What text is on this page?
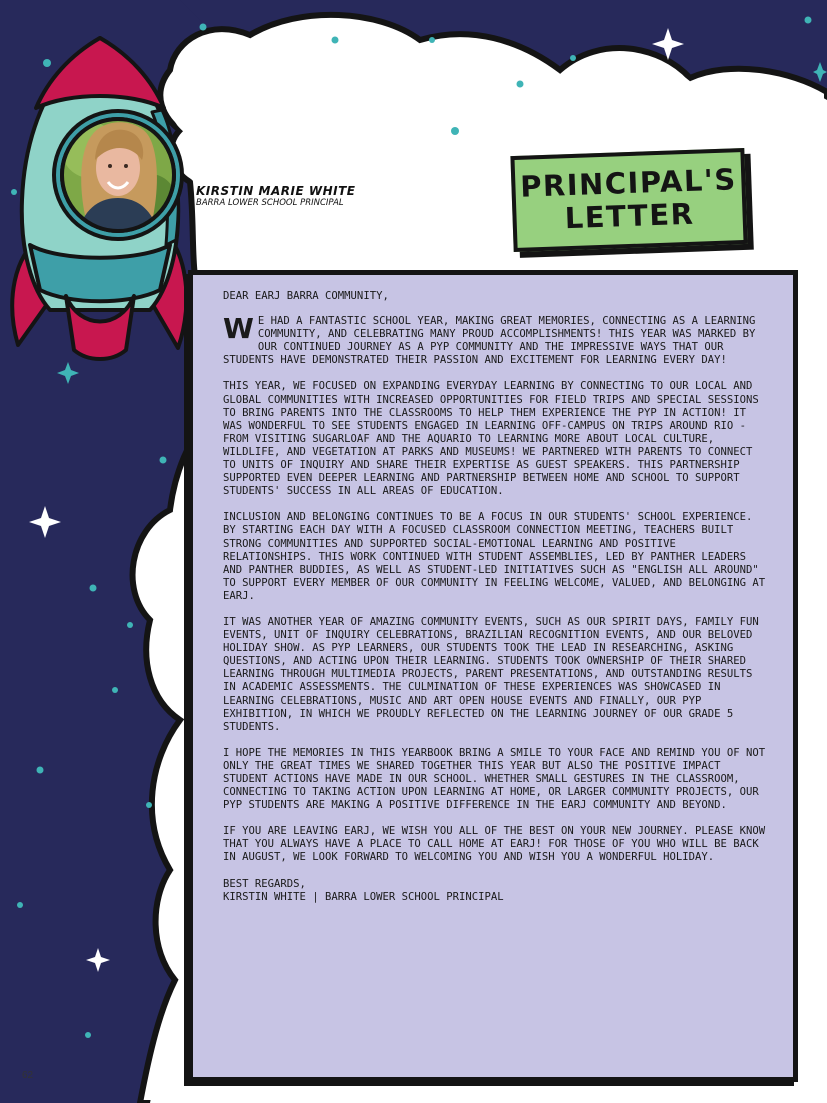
KIRSTIN MARIE WHITE
BARRA LOWER SCHOOL PRINCIPAL	PRINCIPAL'S
LETTER

DEAR EARJ BARRA COMMUNITY,

WE HAD A FANTASTIC SCHOOL YEAR, MAKING GREAT MEMORIES, CONNECTING AS A LEARNING COMMUNITY, AND CELEBRATING MANY PROUD ACCOMPLISHMENTS! THIS YEAR WAS MARKED BY OUR CONTINUED JOURNEY AS A PYP COMMUNITY AND THE IMPRESSIVE WAYS THAT OUR STUDENTS HAVE DEMONSTRATED THEIR PASSION AND EXCITEMENT FOR LEARNING EVERY DAY!

THIS YEAR, WE FOCUSED ON EXPANDING EVERYDAY LEARNING BY CONNECTING TO OUR LOCAL AND GLOBAL COMMUNITIES WITH INCREASED OPPORTUNITIES FOR FIELD TRIPS AND SPECIAL SESSIONS TO BRING PARENTS INTO THE CLASSROOMS TO HELP THEM EXPERIENCE THE PYP IN ACTION! IT WAS WONDERFUL TO SEE STUDENTS ENGAGED IN LEARNING OFF-CAMPUS ON TRIPS AROUND RIO - FROM VISITING SUGARLOAF AND THE AQUARIO TO LEARNING MORE ABOUT LOCAL CULTURE, WILDLIFE, AND VEGETATION AT PARKS AND MUSEUMS! WE PARTNERED WITH PARENTS TO CONNECT TO UNITS OF INQUIRY AND SHARE THEIR EXPERTISE AS GUEST SPEAKERS. THIS PARTNERSHIP SUPPORTED EVEN DEEPER LEARNING AND PARTNERSHIP BETWEEN HOME AND SCHOOL TO SUPPORT STUDENTS' SUCCESS IN ALL AREAS OF EDUCATION.

INCLUSION AND BELONGING CONTINUES TO BE A FOCUS IN OUR STUDENTS' SCHOOL EXPERIENCE. BY STARTING EACH DAY WITH A FOCUSED CLASSROOM CONNECTION MEETING, TEACHERS BUILT STRONG COMMUNITIES AND SUPPORTED SOCIAL-EMOTIONAL LEARNING AND POSITIVE RELATIONSHIPS. THIS WORK CONTINUED WITH STUDENT ASSEMBLIES, LED BY PANTHER LEADERS AND PANTHER BUDDIES, AS WELL AS STUDENT-LED INITIATIVES SUCH AS "ENGLISH ALL AROUND" TO SUPPORT EVERY MEMBER OF OUR COMMUNITY IN FEELING WELCOME, VALUED, AND BELONGING AT EARJ.

IT WAS ANOTHER YEAR OF AMAZING COMMUNITY EVENTS, SUCH AS OUR SPIRIT DAYS, FAMILY FUN EVENTS, UNIT OF INQUIRY CELEBRATIONS, BRAZILIAN RECOGNITION EVENTS, AND OUR BELOVED HOLIDAY SHOW. AS PYP LEARNERS, OUR STUDENTS TOOK THE LEAD IN RESEARCHING, ASKING QUESTIONS, AND ACTING UPON THEIR LEARNING. STUDENTS TOOK OWNERSHIP OF THEIR SHARED LEARNING THROUGH MULTIMEDIA PROJECTS, PARENT PRESENTATIONS, AND OUTSTANDING RESULTS IN ACADEMIC ASSESSMENTS. THE CULMINATION OF THESE EXPERIENCES WAS SHOWCASED IN LEARNING CELEBRATIONS, MUSIC AND ART OPEN HOUSE EVENTS AND FINALLY, OUR PYP EXHIBITION, IN WHICH WE PROUDLY REFLECTED ON THE LEARNING JOURNEY OF OUR GRADE 5 STUDENTS.

I HOPE THE MEMORIES IN THIS YEARBOOK BRING A SMILE TO YOUR FACE AND REMIND YOU OF NOT ONLY THE GREAT TIMES WE SHARED TOGETHER THIS YEAR BUT ALSO THE POSITIVE IMPACT STUDENT ACTIONS HAVE MADE IN OUR SCHOOL. WHETHER SMALL GESTURES IN THE CLASSROOM, CONNECTING TO TAKING ACTION UPON LEARNING AT HOME, OR LARGER COMMUNITY PROJECTS, OUR PYP STUDENTS ARE MAKING A POSITIVE DIFFERENCE IN THE EARJ COMMUNITY AND BEYOND.

IF YOU ARE LEAVING EARJ, WE WISH YOU ALL OF THE BEST ON YOUR NEW JOURNEY. PLEASE KNOW THAT YOU ALWAYS HAVE A PLACE TO CALL HOME AT EARJ! FOR THOSE OF YOU WHO WILL BE BACK IN AUGUST, WE LOOK FORWARD TO WELCOMING YOU AND WISH YOU A WONDERFUL HOLIDAY.

BEST REGARDS,

KIRSTIN WHITE | BARRA LOWER SCHOOL PRINCIPAL

62
